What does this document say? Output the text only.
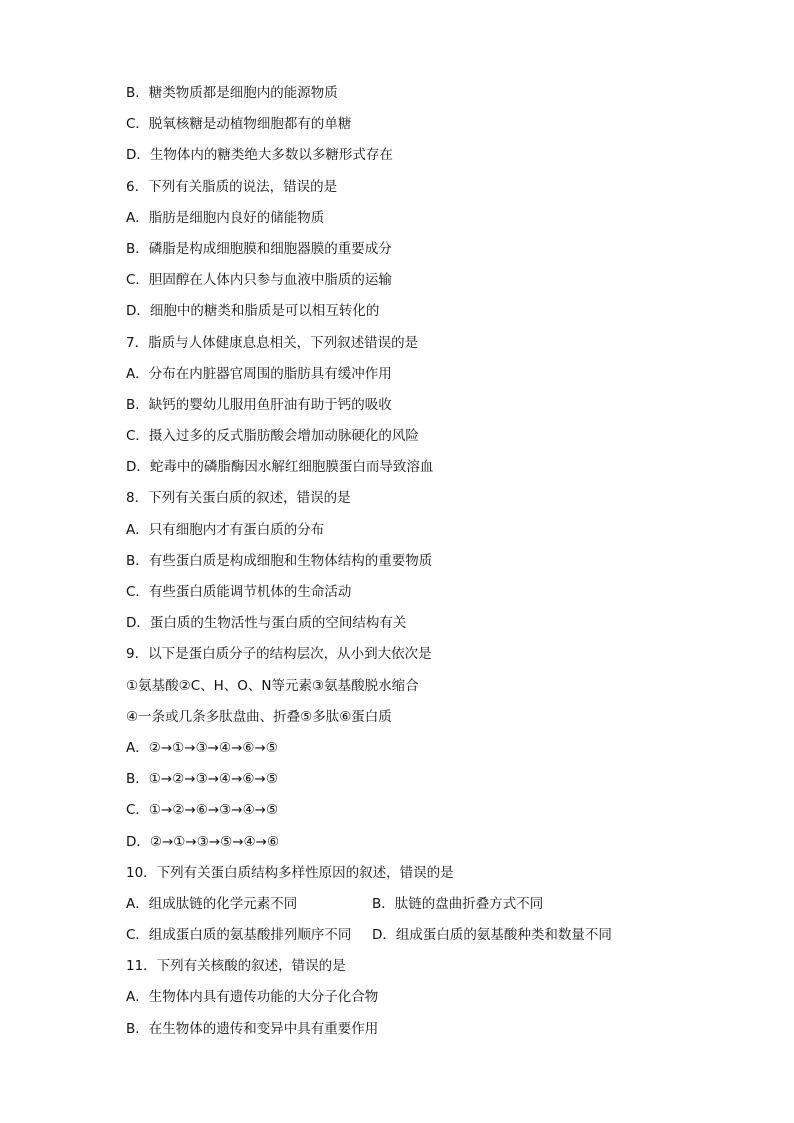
B．糖类物质都是细胞内的能源物质
C．脱氧核糖是动植物细胞都有的单糖
D．生物体内的糖类绝大多数以多糖形式存在
6．下列有关脂质的说法，错误的是
A．脂肪是细胞内良好的储能物质
B．磷脂是构成细胞膜和细胞器膜的重要成分
C．胆固醇在人体内只参与血液中脂质的运输
D．细胞中的糖类和脂质是可以相互转化的
7．脂质与人体健康息息相关，下列叙述错误的是
A．分布在内脏器官周围的脂肪具有缓冲作用
B．缺钙的婴幼儿服用鱼肝油有助于钙的吸收
C．摄入过多的反式脂肪酸会增加动脉硬化的风险
D．蛇毒中的磷脂酶因水解红细胞膜蛋白而导致溶血
8．下列有关蛋白质的叙述，错误的是
A．只有细胞内才有蛋白质的分布
B．有些蛋白质是构成细胞和生物体结构的重要物质
C．有些蛋白质能调节机体的生命活动
D．蛋白质的生物活性与蛋白质的空间结构有关
9．以下是蛋白质分子的结构层次，从小到大依次是
①氨基酸②C、H、O、N等元素③氨基酸脱水缩合
④一条或几条多肽盘曲、折叠⑤多肽⑥蛋白质
A．②→①→③→④→⑥→⑤
B．①→②→③→④→⑥→⑤
C．①→②→⑥→③→④→⑤
D．②→①→③→⑤→④→⑥
10．下列有关蛋白质结构多样性原因的叙述，错误的是
A．组成肽链的化学元素不同	B．肽链的盘曲折叠方式不同
C．组成蛋白质的氨基酸排列顺序不同	D．组成蛋白质的氨基酸种类和数量不同
11．下列有关核酸的叙述，错误的是
A．生物体内具有遗传功能的大分子化合物
B．在生物体的遗传和变异中具有重要作用
